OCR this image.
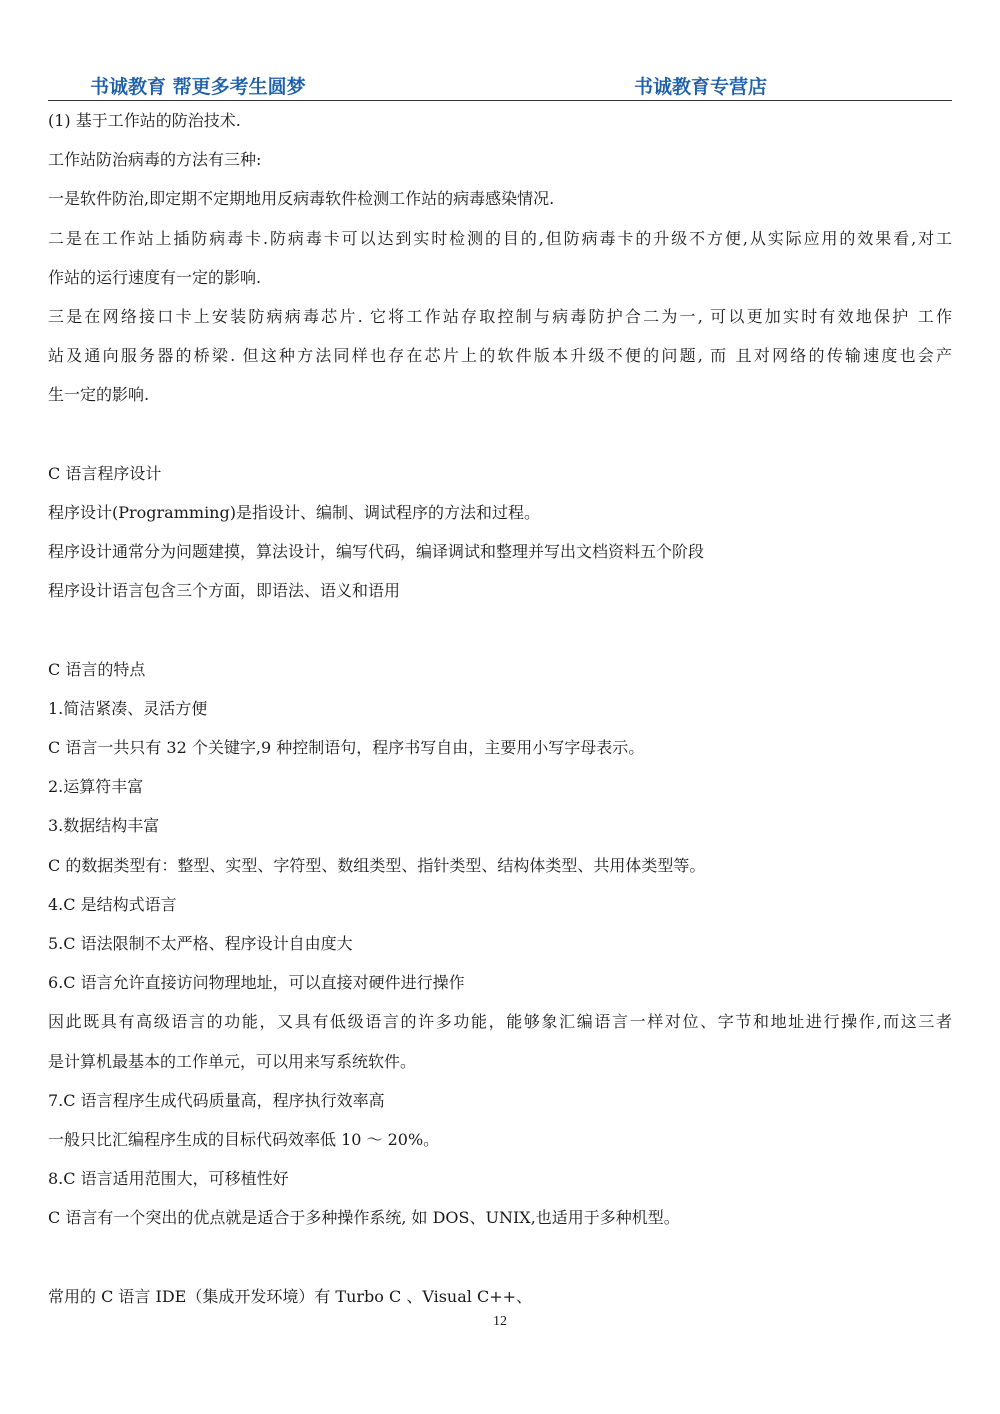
书诚教育 帮更多考生圆梦	书诚教育专营店
(1) 基于工作站的防治技术.
工作站防治病毒的方法有三种:
一是软件防治,即定期不定期地用反病毒软件检测工作站的病毒感染情况.
二是在工作站上插防病毒卡.防病毒卡可以达到实时检测的目的,但防病毒卡的升级不方便,从实际应用的效果看,对工
作站的运行速度有一定的影响.
三是在网络接口卡上安装防病病毒芯片. 它将工作站存取控制与病毒防护合二为一, 可以更加实时有效地保护 工作
站及通向服务器的桥梁. 但这种方法同样也存在芯片上的软件版本升级不便的问题, 而 且对网络的传输速度也会产
生一定的影响.
C 语言程序设计
程序设计(Programming)是指设计、编制、调试程序的方法和过程。
程序设计通常分为问题建摸，算法设计，编写代码，编译调试和整理并写出文档资料五个阶段
程序设计语言包含三个方面，即语法、语义和语用
C 语言的特点
1.简洁紧凑、灵活方便
C 语言一共只有 32 个关键字,9 种控制语句，程序书写自由，主要用小写字母表示。
2.运算符丰富
3.数据结构丰富
C 的数据类型有：整型、实型、字符型、数组类型、指针类型、结构体类型、共用体类型等。
4.C 是结构式语言
5.C 语法限制不太严格、程序设计自由度大
6.C 语言允许直接访问物理地址，可以直接对硬件进行操作
因此既具有高级语言的功能，又具有低级语言的许多功能，能够象汇编语言一样对位、字节和地址进行操作,而这三者
是计算机最基本的工作单元，可以用来写系统软件。
7.C 语言程序生成代码质量高，程序执行效率高
一般只比汇编程序生成的目标代码效率低 10 ～ 20%。
8.C 语言适用范围大，可移植性好
C 语言有一个突出的优点就是适合于多种操作系统, 如 DOS、UNIX,也适用于多种机型。
常用的 C 语言 IDE（集成开发环境）有 Turbo C 、Visual C++、
12
